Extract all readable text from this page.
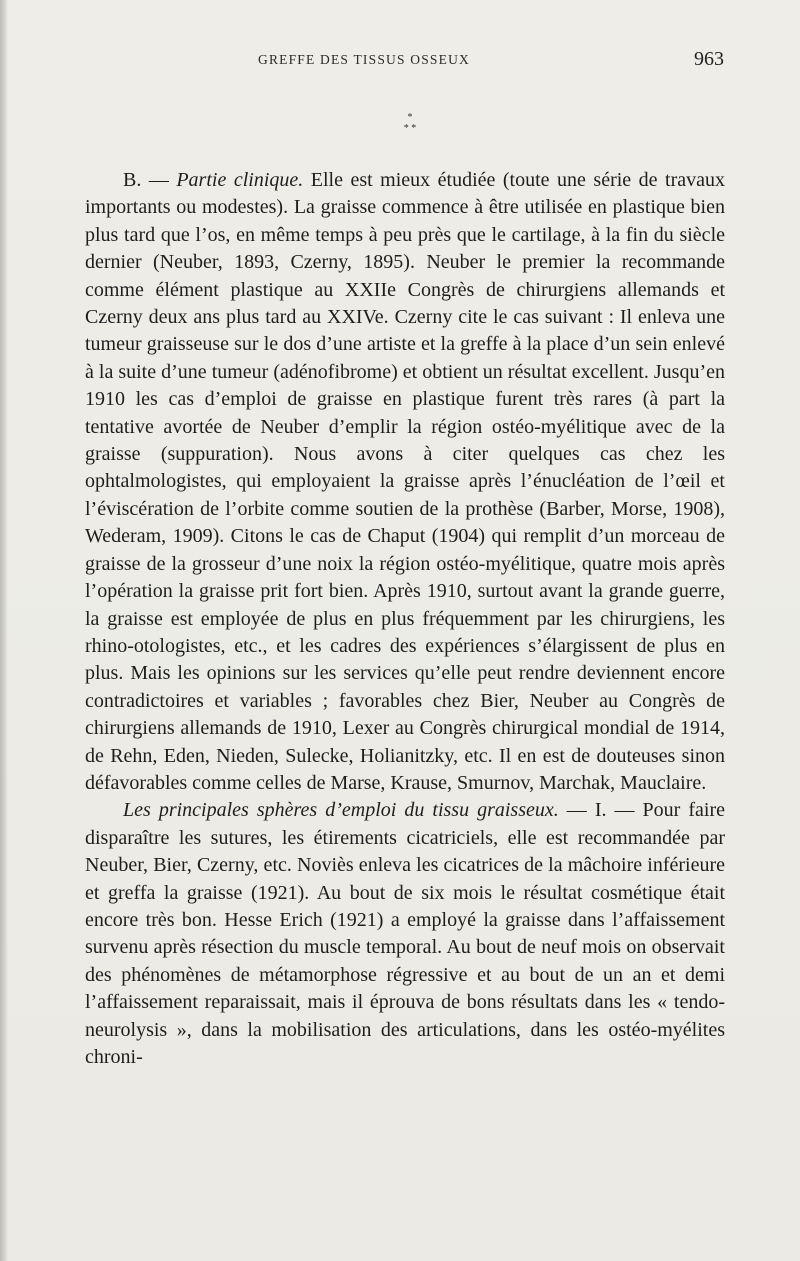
GREFFE DES TISSUS OSSEUX	963
*
* *

B. — Partie clinique. Elle est mieux étudiée (toute une série de travaux importants ou modestes). La graisse commence à être utilisée en plastique bien plus tard que l’os, en même temps à peu près que le cartilage, à la fin du siècle dernier (Neuber, 1893, Czerny, 1895). Neuber le premier la recommande comme élément plastique au XXIIe Congrès de chirurgiens allemands et Czerny deux ans plus tard au XXIVe. Czerny cite le cas suivant : Il enleva une tumeur graisseuse sur le dos d’une artiste et la greffe à la place d’un sein enlevé à la suite d’une tumeur (adénofibrome) et obtient un résultat excellent. Jusqu’en 1910 les cas d’emploi de graisse en plastique furent très rares (à part la tentative avortée de Neuber d’emplir la région ostéo-myélitique avec de la graisse (suppuration). Nous avons à citer quelques cas chez les ophtalmologistes, qui employaient la graisse après l’énucléation de l’œil et l’éviscération de l’orbite comme soutien de la prothèse (Barber, Morse, 1908), Wederam, 1909). Citons le cas de Chaput (1904) qui remplit d’un morceau de graisse de la grosseur d’une noix la région ostéo-myélitique, quatre mois après l’opération la graisse prit fort bien. Après 1910, surtout avant la grande guerre, la graisse est employée de plus en plus fréquemment par les chirurgiens, les rhino-otologistes, etc., et les cadres des expériences s’élargissent de plus en plus. Mais les opinions sur les services qu’elle peut rendre deviennent encore contradictoires et variables ; favorables chez Bier, Neuber au Congrès de chirurgiens allemands de 1910, Lexer au Congrès chirurgical mondial de 1914, de Rehn, Eden, Nieden, Sulecke, Holianitzky, etc. Il en est de douteuses sinon défavorables comme celles de Marse, Krause, Smurnov, Marchak, Mauclaire.

Les principales sphères d’emploi du tissu graisseux. — I. — Pour faire disparaître les sutures, les étirements cicatriciels, elle est recommandée par Neuber, Bier, Czerny, etc. Noviès enleva les cicatrices de la mâchoire inférieure et greffa la graisse (1921). Au bout de six mois le résultat cosmétique était encore très bon. Hesse Erich (1921) a employé la graisse dans l’affaissement survenu après résection du muscle temporal. Au bout de neuf mois on observait des phénomènes de métamorphose régressive et au bout de un an et demi l’affaissement reparaissait, mais il éprouva de bons résultats dans les « tendo-neurolysis », dans la mobilisation des articulations, dans les ostéo-myélites chroni-
